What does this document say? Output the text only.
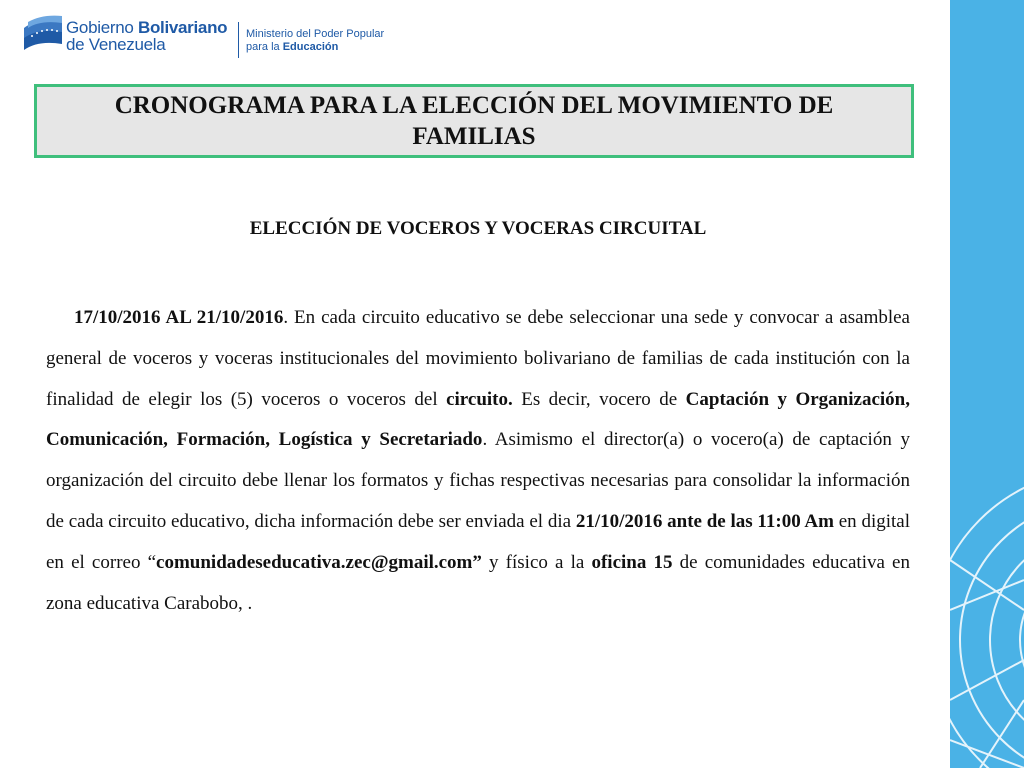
Gobierno Bolivariano
de Venezuela
Ministerio del Poder Popular
para la Educación
CRONOGRAMA PARA LA ELECCIÓN DEL MOVIMIENTO DE FAMILIAS
ELECCIÓN DE VOCEROS Y VOCERAS CIRCUITAL
17/10/2016 AL 21/10/2016. En cada circuito educativo se debe seleccionar una sede y convocar a asamblea general de voceros y voceras institucionales del movimiento bolivariano de familias de cada institución con la finalidad de elegir los (5) voceros o voceros del circuito. Es decir, vocero de Captación y Organización, Comunicación, Formación, Logística y Secretariado. Asimismo el director(a) o vocero(a) de captación y organización del circuito debe llenar los formatos y fichas respectivas necesarias para consolidar la información de cada circuito educativo, dicha información debe ser enviada el dia 21/10/2016 ante de las 11:00 Am en digital en el correo “comunidadeseducativa.zec@gmail.com” y físico a la oficina 15 de comunidades educativa en zona educativa Carabobo, .
